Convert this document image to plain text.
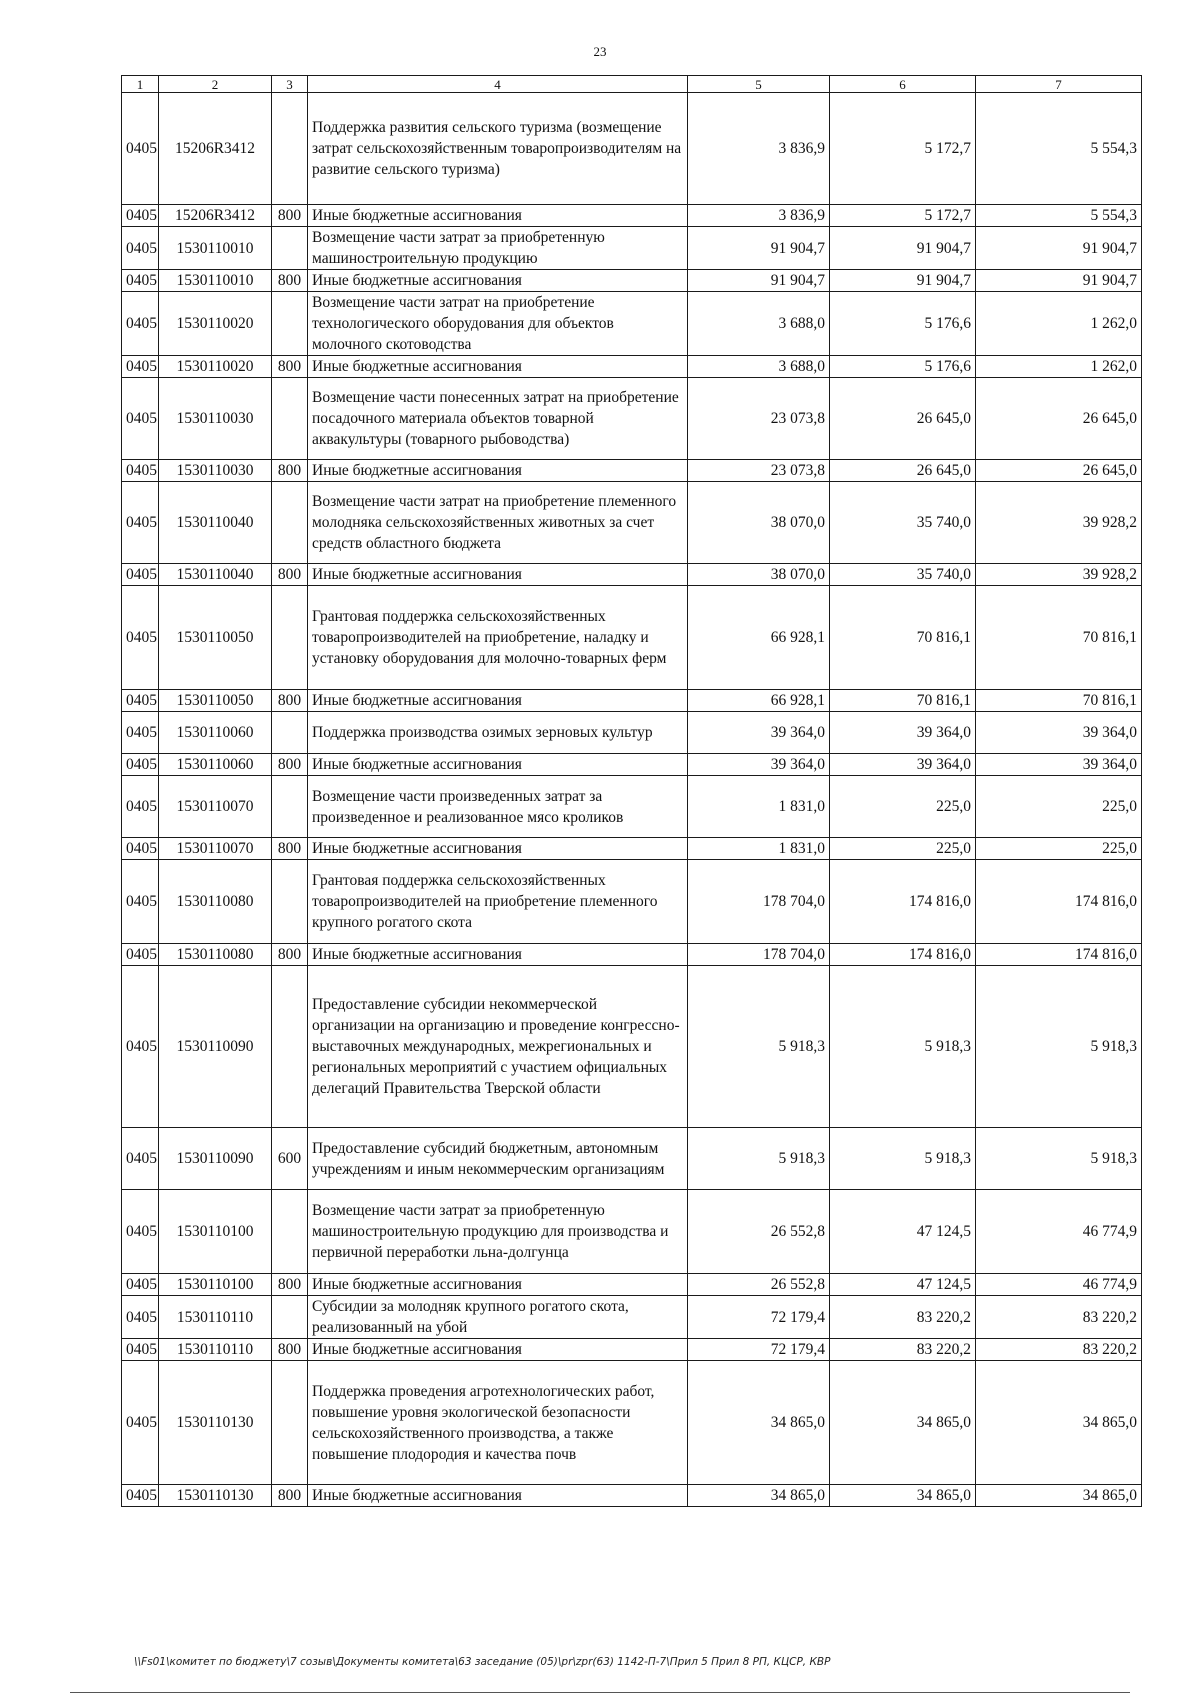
23
1	2	3	4	5	6	7
0405	15206R3412		Поддержка развития сельского туризма (возмещение затрат сельскохозяйственным товаропроизводителям на развитие сельского туризма)	3 836,9	5 172,7	5 554,3
0405	15206R3412	800	Иные бюджетные ассигнования	3 836,9	5 172,7	5 554,3
0405	1530110010		Возмещение части затрат за приобретенную машиностроительную продукцию	91 904,7	91 904,7	91 904,7
0405	1530110010	800	Иные бюджетные ассигнования	91 904,7	91 904,7	91 904,7
0405	1530110020		Возмещение части затрат на приобретение технологического оборудования для объектов молочного скотоводства	3 688,0	5 176,6	1 262,0
0405	1530110020	800	Иные бюджетные ассигнования	3 688,0	5 176,6	1 262,0
0405	1530110030		Возмещение части понесенных затрат на приобретение посадочного материала объектов товарной аквакультуры (товарного рыбоводства)	23 073,8	26 645,0	26 645,0
0405	1530110030	800	Иные бюджетные ассигнования	23 073,8	26 645,0	26 645,0
0405	1530110040		Возмещение части затрат на приобретение племенного молодняка сельскохозяйственных животных за счет средств областного бюджета	38 070,0	35 740,0	39 928,2
0405	1530110040	800	Иные бюджетные ассигнования	38 070,0	35 740,0	39 928,2
0405	1530110050		Грантовая поддержка сельскохозяйственных товаропроизводителей на приобретение, наладку и установку оборудования для молочно-товарных ферм	66 928,1	70 816,1	70 816,1
0405	1530110050	800	Иные бюджетные ассигнования	66 928,1	70 816,1	70 816,1
0405	1530110060		Поддержка производства озимых зерновых культур	39 364,0	39 364,0	39 364,0
0405	1530110060	800	Иные бюджетные ассигнования	39 364,0	39 364,0	39 364,0
0405	1530110070		Возмещение части произведенных затрат за произведенное и реализованное мясо кроликов	1 831,0	225,0	225,0
0405	1530110070	800	Иные бюджетные ассигнования	1 831,0	225,0	225,0
0405	1530110080		Грантовая поддержка сельскохозяйственных товаропроизводителей на приобретение племенного крупного рогатого скота	178 704,0	174 816,0	174 816,0
0405	1530110080	800	Иные бюджетные ассигнования	178 704,0	174 816,0	174 816,0
0405	1530110090		Предоставление субсидии некоммерческой организации на организацию и проведение конгрессно-выставочных международных, межрегиональных и региональных мероприятий с участием официальных делегаций Правительства Тверской области	5 918,3	5 918,3	5 918,3
0405	1530110090	600	Предоставление субсидий бюджетным, автономным учреждениям и иным некоммерческим организациям	5 918,3	5 918,3	5 918,3
0405	1530110100		Возмещение части затрат за приобретенную машиностроительную продукцию для производства и первичной переработки льна-долгунца	26 552,8	47 124,5	46 774,9
0405	1530110100	800	Иные бюджетные ассигнования	26 552,8	47 124,5	46 774,9
0405	1530110110		Субсидии за молодняк крупного рогатого скота, реализованный на убой	72 179,4	83 220,2	83 220,2
0405	1530110110	800	Иные бюджетные ассигнования	72 179,4	83 220,2	83 220,2
0405	1530110130		Поддержка проведения агротехнологических работ, повышение уровня экологической безопасности сельскохозяйственного производства, а также повышение плодородия и качества почв	34 865,0	34 865,0	34 865,0
0405	1530110130	800	Иные бюджетные ассигнования	34 865,0	34 865,0	34 865,0
\\Fs01\комитет по бюджету\7 созыв\Документы комитета\63 заседание (05)\pr\zpr(63) 1142-П-7\Прил 5 Прил 8 РП, КЦСР, КВР
